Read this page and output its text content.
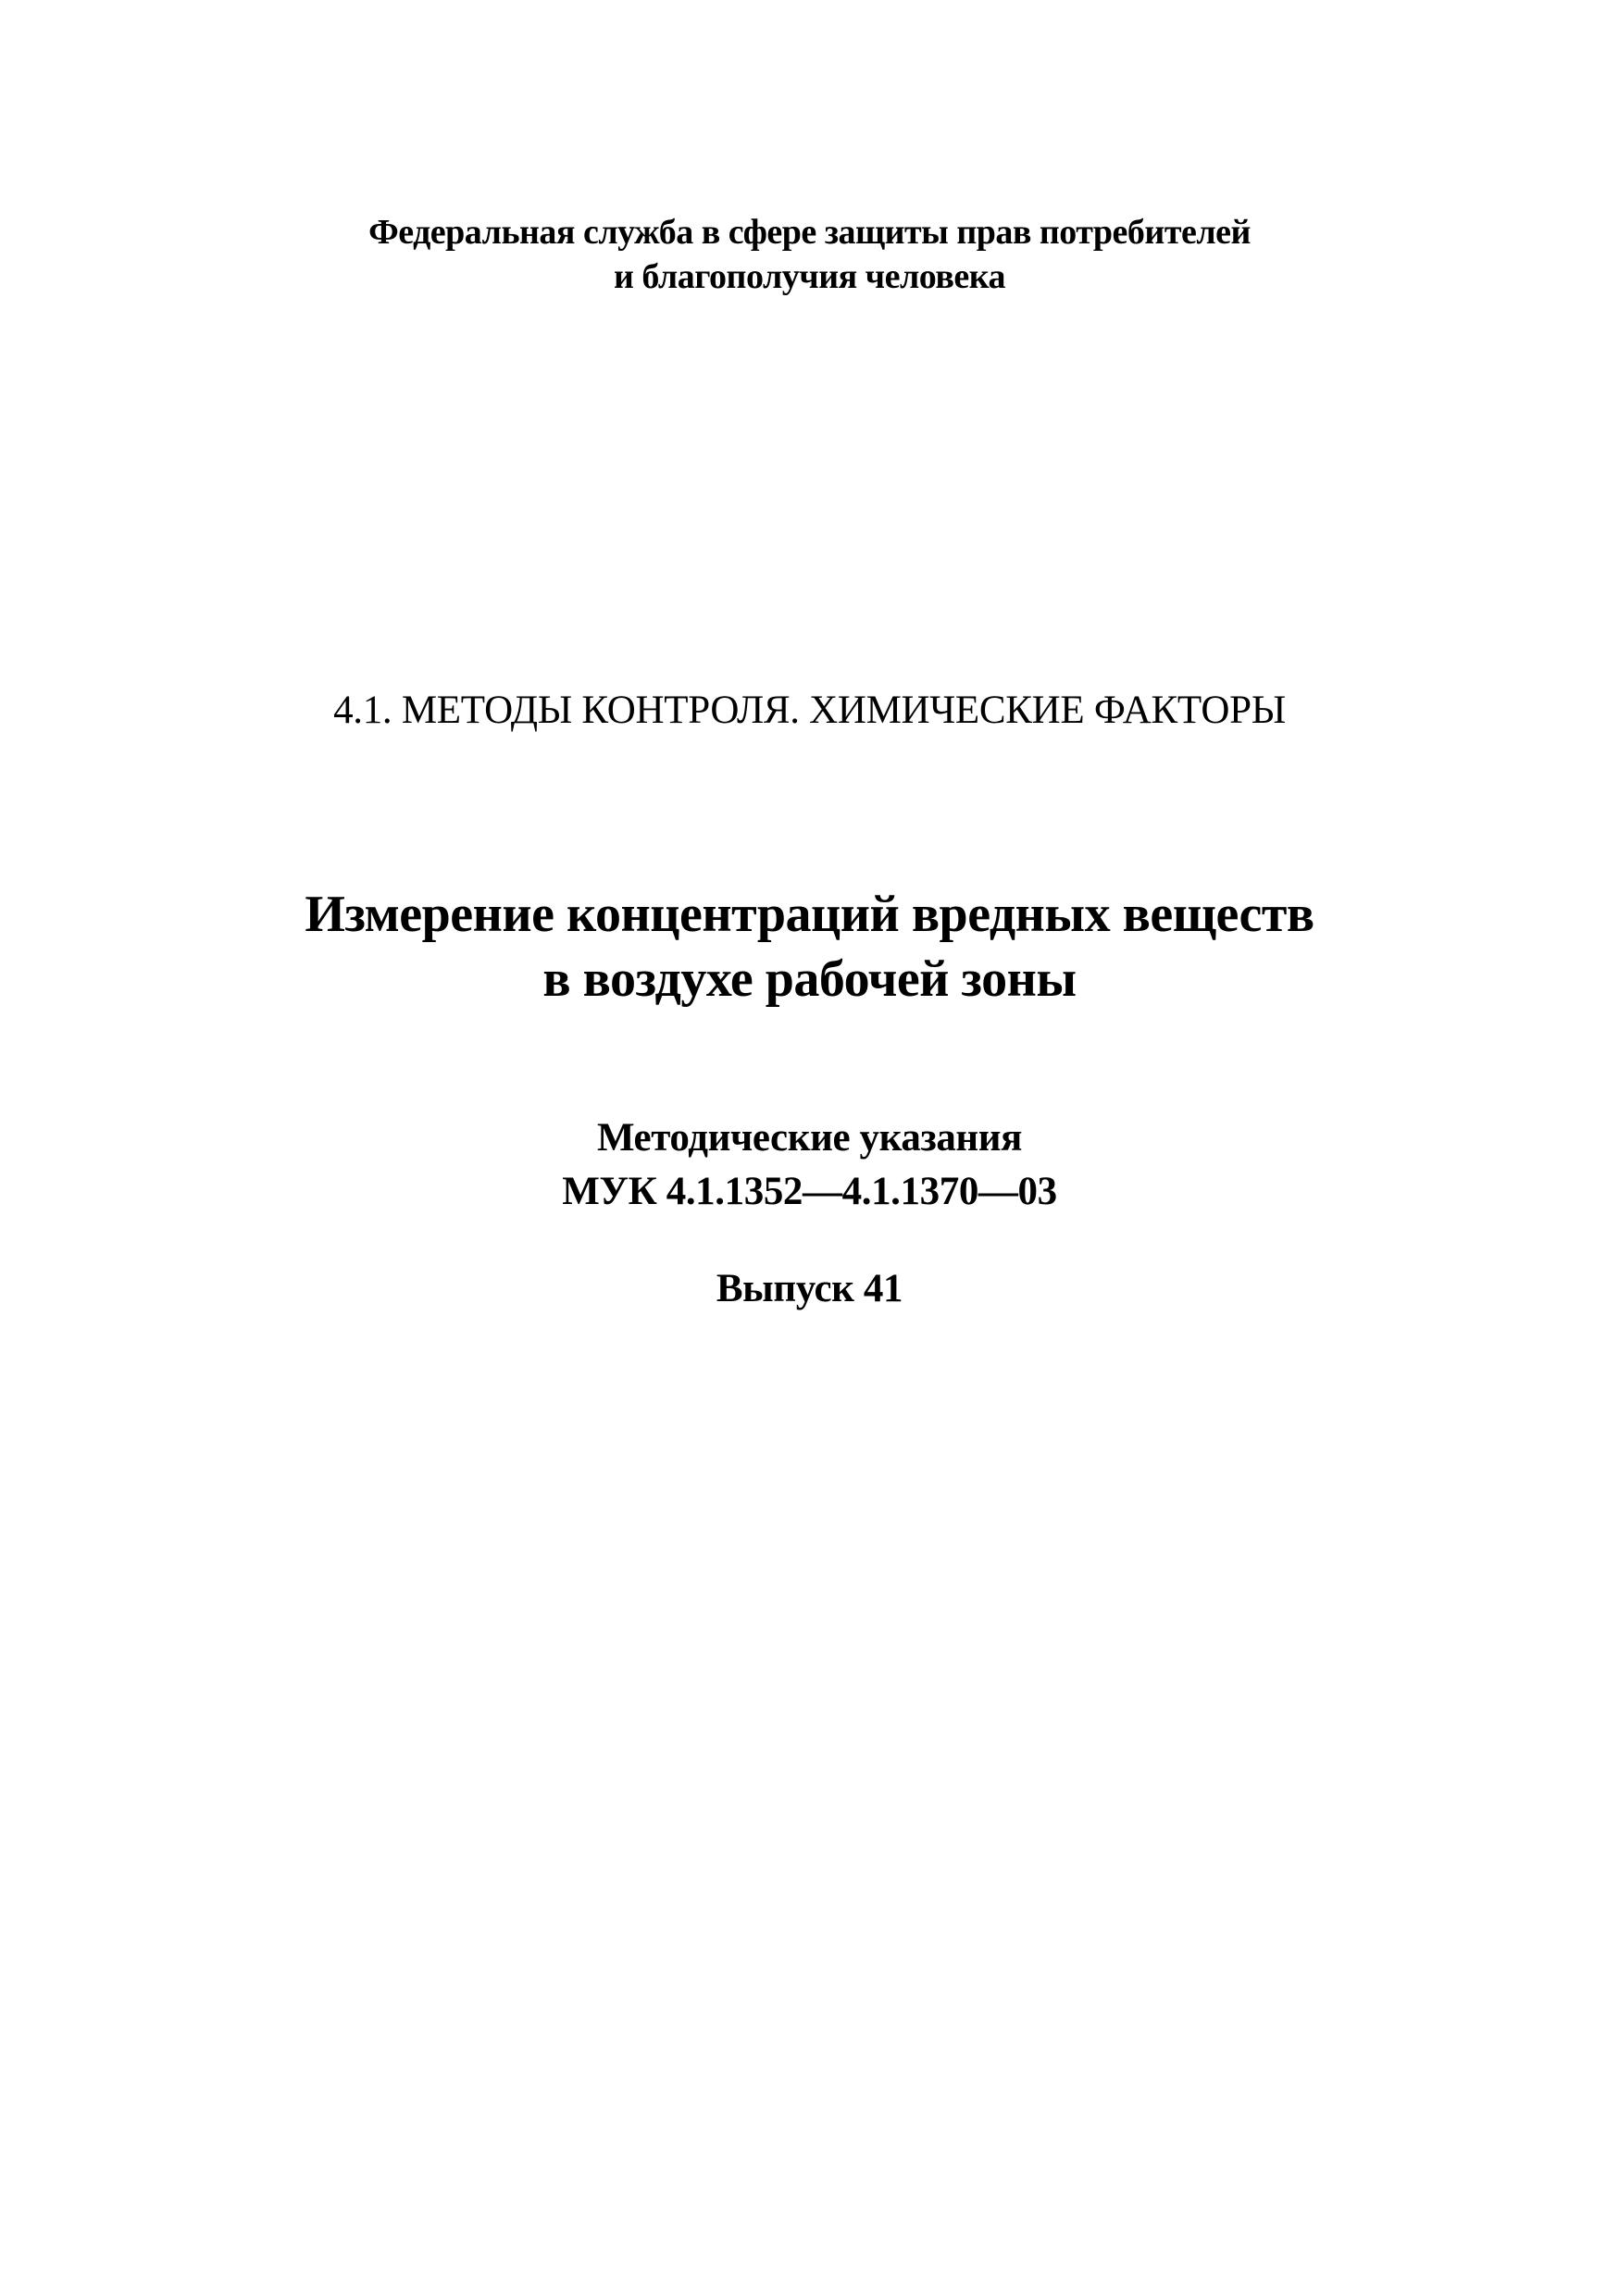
Федеральная служба в сфере защиты прав потребителей
и благополучия человека
4.1. МЕТОДЫ КОНТРОЛЯ. ХИМИЧЕСКИЕ ФАКТОРЫ
Измерение концентраций вредных веществ
в воздухе рабочей зоны
Методические указания
МУК 4.1.1352—4.1.1370—03
Выпуск 41
